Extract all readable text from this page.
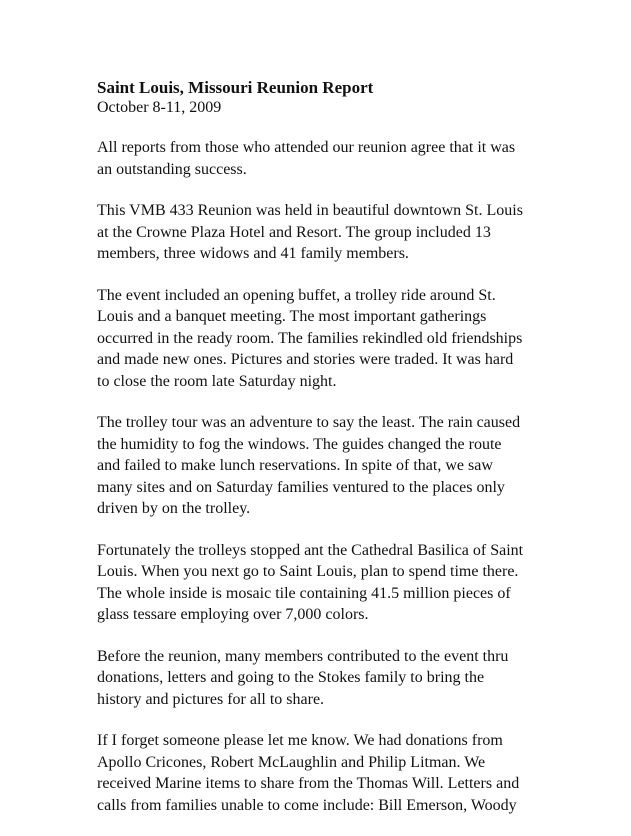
Saint Louis, Missouri Reunion Report
October 8-11, 2009
All reports from those who attended our reunion agree that it was
an outstanding success.
This VMB 433 Reunion was held in beautiful downtown St. Louis
at the Crowne Plaza Hotel and Resort. The group included 13
members, three widows and 41 family members.
The event included an opening buffet, a trolley ride around St.
Louis and a banquet meeting. The most important gatherings
occurred in the ready room. The families rekindled old friendships
and made new ones. Pictures and stories were traded. It was hard
to close the room late Saturday night.
The trolley tour was an adventure to say the least. The rain caused
the humidity to fog the windows. The guides changed the route
and failed to make lunch reservations. In spite of that, we saw
many sites and on Saturday families ventured to the places only
driven by on the trolley.
Fortunately the trolleys stopped ant the Cathedral Basilica of Saint
Louis. When you next go to Saint Louis, plan to spend time there.
The whole inside is mosaic tile containing 41.5 million pieces of
glass tessare employing over 7,000 colors.
Before the reunion, many members contributed to the event thru
donations, letters and going to the Stokes family to bring the
history and pictures for all to share.
If I forget someone please let me know. We had donations from
Apollo Cricones, Robert McLaughlin and Philip Litman. We
received Marine items to share from the Thomas Will. Letters and
calls from families unable to come include: Bill Emerson, Woody
